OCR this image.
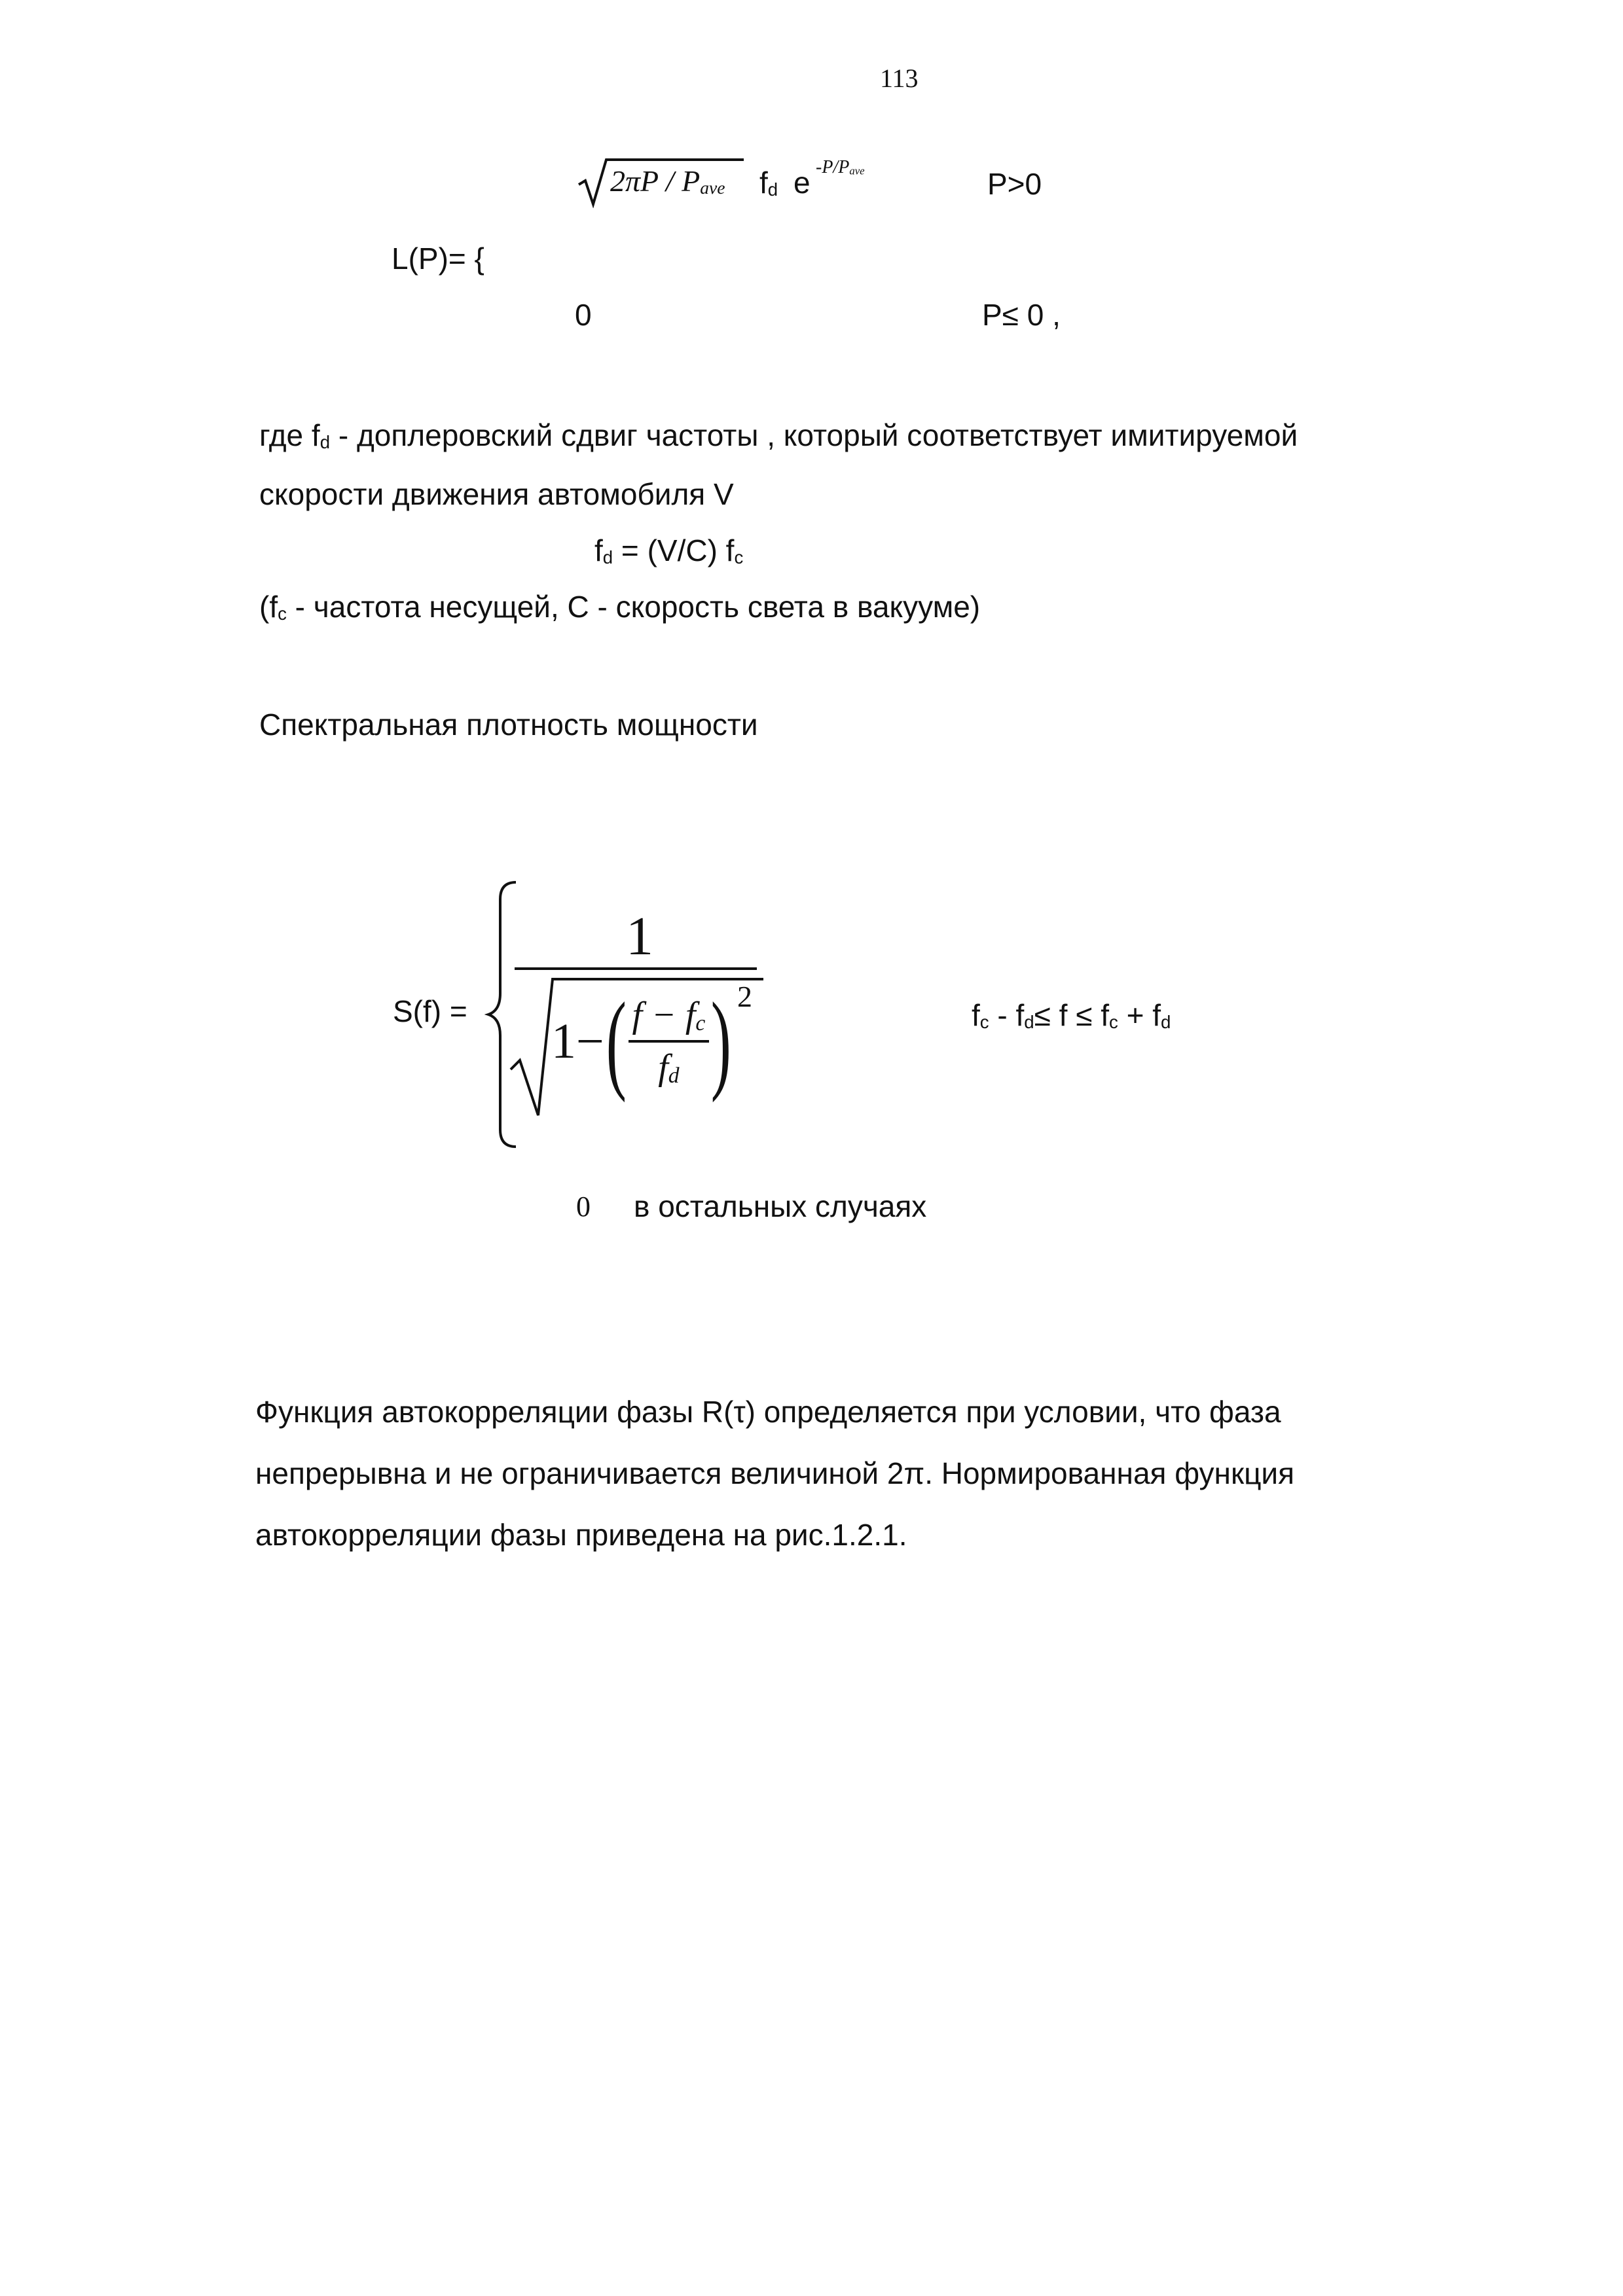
113
$2\pi P / P_{ave}$ $f_d$ e $-P/P_{ave}$	P>0
L(P)= {
0	P≤ 0 ,
где $f_d$ - доплеровский сдвиг частоты , который соответствует имитируемой
скорости движения автомобиля V
$f_d = (V/C)$ $f_c$
($f_c$ - частота несущей, C - скорость света в вакууме)
Спектральная плотность мощности
S(f) =
1
1− ( $\frac{f - f_c}{f_d}$ ) 2
$f_c - f_d\le f \le f_c + f_d$
0 в остальных случаях
Функция автокорреляции фазы R(τ) определяется при условии, что фаза
непрерывна и не ограничивается величиной 2π. Нормированная функция
автокорреляции фазы приведена на рис.1.2.1.
